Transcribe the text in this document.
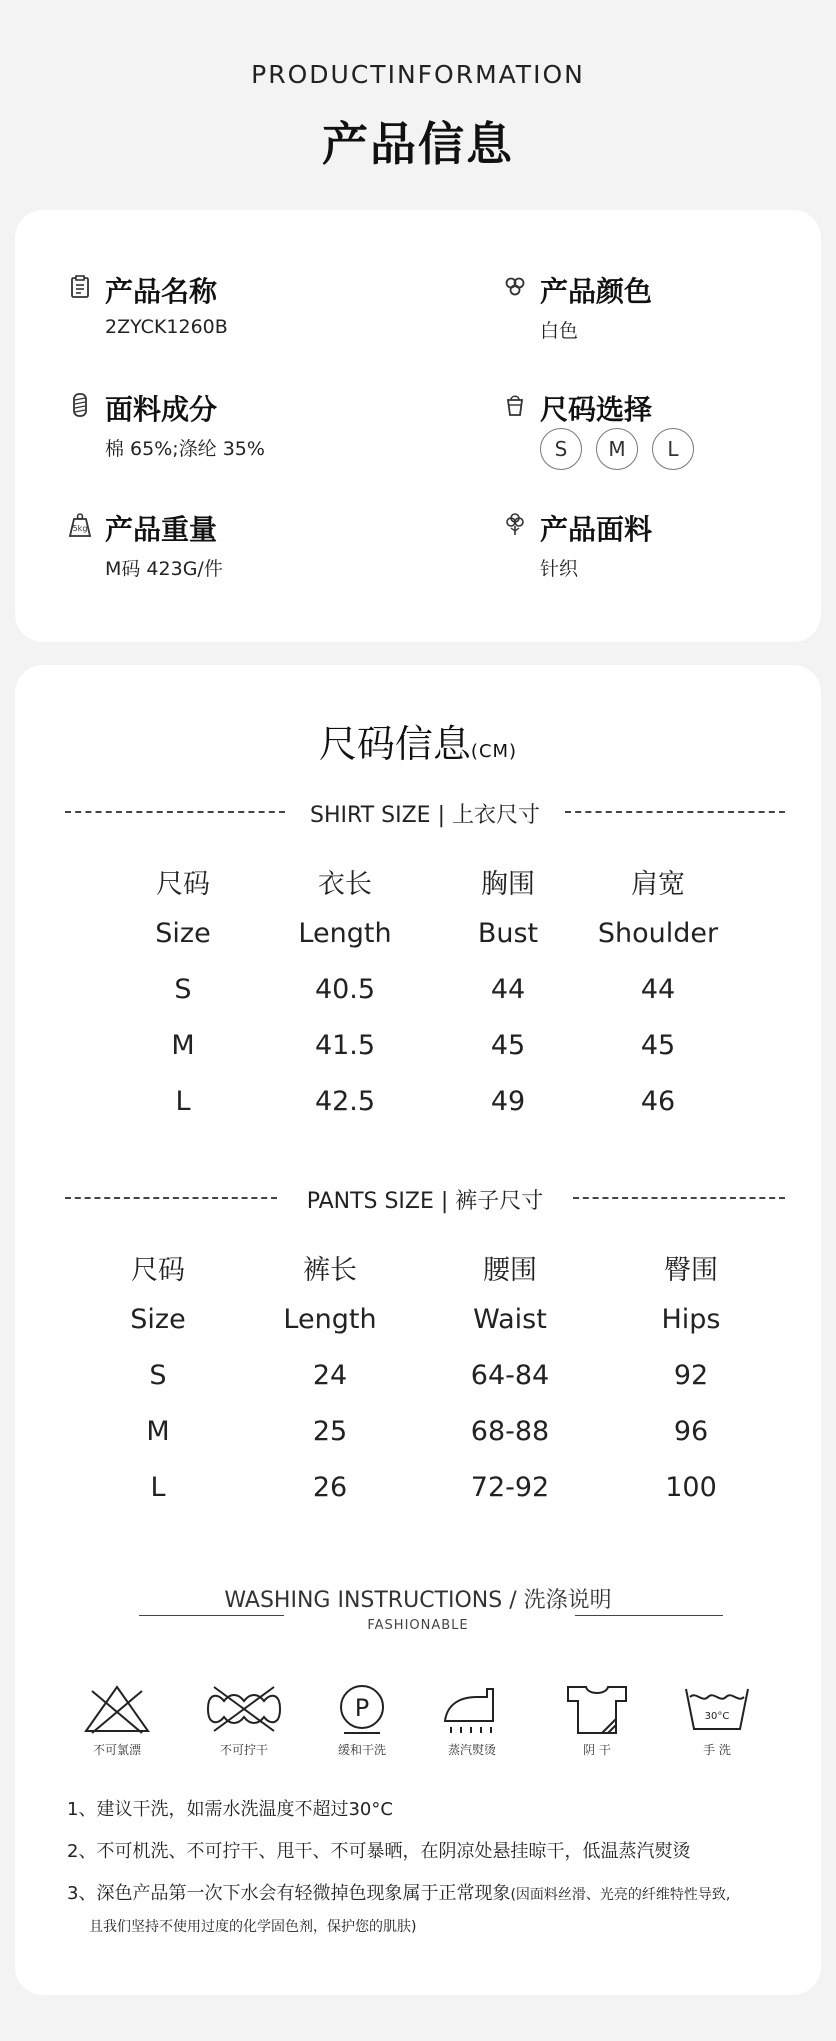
PRODUCTINFORMATION
产品信息
产品名称
2ZYCK1260B
产品颜色
白色
面料成分
棉 65%;涤纶 35%
尺码选择
S	M	L
5kg 产品重量
M码 423G/件
产品面料
针织
尺码信息(CM)
SHIRT SIZE | 上衣尺寸
尺码	衣长	胸围	肩宽
Size	Length	Bust Shoulder
S	40.5	44	44
M	41.5	45	45
L	42.5	49	46
PANTS SIZE | 裤子尺寸
尺码	裤长	腰围	臀围
Size	Length	Waist	Hips
S	24	64-84	92
M	25	68-88	96
L	26	72-92	100
WASHING INSTRUCTIONS / 洗涤说明
FASHIONABLE
不可氯漂	不可拧干
P
缓和干洗	蒸汽熨烫	阴 干
30°C
手 洗
1、建议干洗，如需水洗温度不超过30°C
2、不可机洗、不可拧干、甩干、不可暴晒，在阴凉处悬挂晾干，低温蒸汽熨烫
3、深色产品第一次下水会有轻微掉色现象属于正常现象(因面料丝滑、光亮的纤维特性导致,
且我们坚持不使用过度的化学固色剂，保护您的肌肤)
